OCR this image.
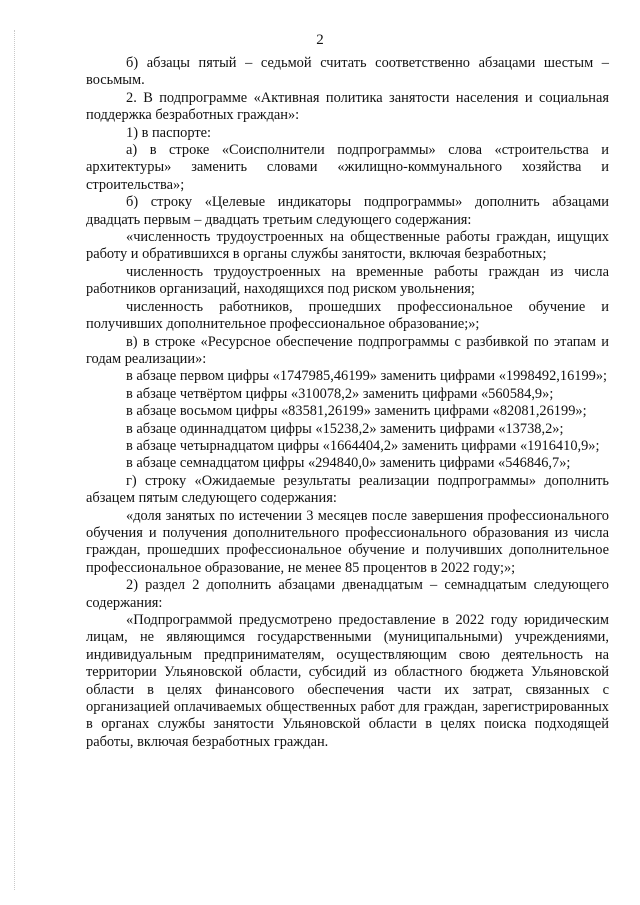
2

б) абзацы пятый – седьмой считать соответственно абзацами шестым – восьмым.

2. В подпрограмме «Активная политика занятости населения и социальная поддержка безработных граждан»:

1) в паспорте:

а) в строке «Соисполнители подпрограммы» слова «строительства и архитектуры» заменить словами «жилищно-коммунального хозяйства и строительства»;

б) строку «Целевые индикаторы подпрограммы» дополнить абзацами двадцать первым – двадцать третьим следующего содержания:

«численность трудоустроенных на общественные работы граждан, ищущих работу и обратившихся в органы службы занятости, включая безработных;

численность трудоустроенных на временные работы граждан из числа работников организаций, находящихся под риском увольнения;

численность работников, прошедших профессиональное обучение и получивших дополнительное профессиональное образование;»;

в) в строке «Ресурсное обеспечение подпрограммы с разбивкой по этапам и годам реализации»:

в абзаце первом цифры «1747985,46199» заменить цифрами «1998492,16199»;

в абзаце четвёртом цифры «310078,2» заменить цифрами «560584,9»;

в абзаце восьмом цифры «83581,26199» заменить цифрами «82081,26199»;

в абзаце одиннадцатом цифры «15238,2» заменить цифрами «13738,2»;

в абзаце четырнадцатом цифры «1664404,2» заменить цифрами «1916410,9»;

в абзаце семнадцатом цифры «294840,0» заменить цифрами «546846,7»;

г) строку «Ожидаемые результаты реализации подпрограммы» дополнить абзацем пятым следующего содержания:

«доля занятых по истечении 3 месяцев после завершения профессионального обучения и получения дополнительного профессионального образования из числа граждан, прошедших профессиональное обучение и получивших дополнительное профессиональное образование, не менее 85 процентов в 2022 году;»;

2) раздел 2 дополнить абзацами двенадцатым – семнадцатым следующего содержания:

«Подпрограммой предусмотрено предоставление в 2022 году юридическим лицам, не являющимся государственными (муниципальными) учреждениями, индивидуальным предпринимателям, осуществляющим свою деятельность на территории Ульяновской области, субсидий из областного бюджета Ульяновской области в целях финансового обеспечения части их затрат, связанных с организацией оплачиваемых общественных работ для граждан, зарегистрированных в органах службы занятости Ульяновской области в целях поиска подходящей работы, включая безработных граждан.
